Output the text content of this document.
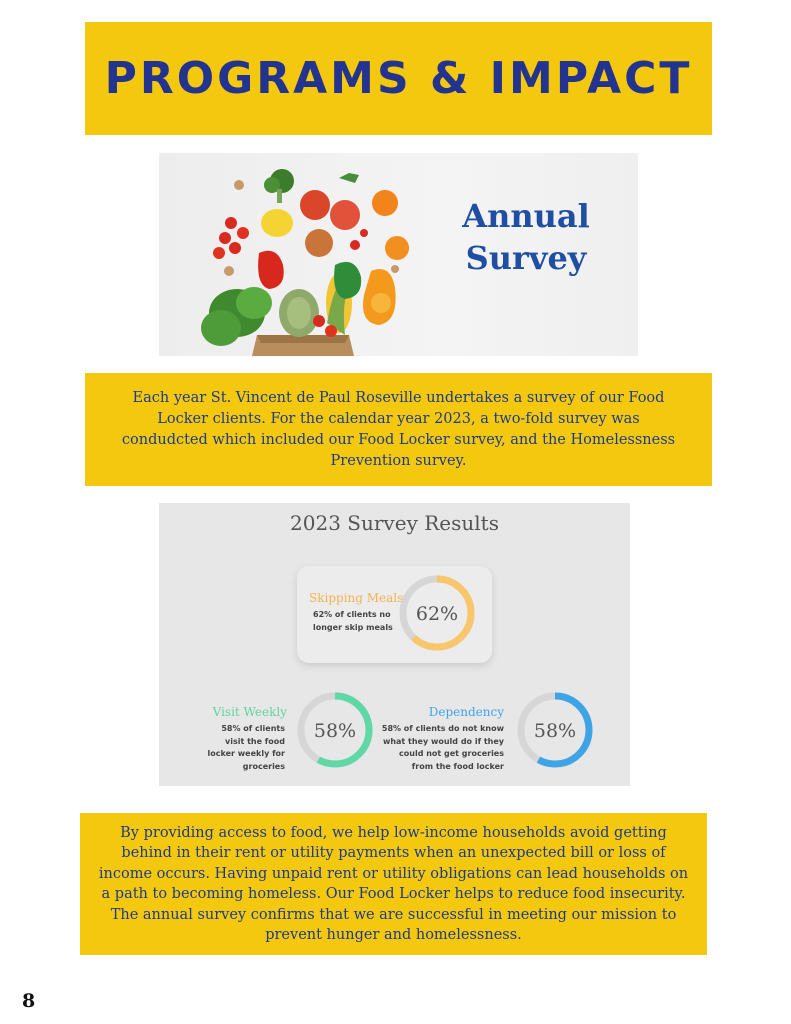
PROGRAMS & IMPACT
Annual
Survey

Each year St. Vincent de Paul Roseville undertakes a survey of our Food Locker clients. For the calendar year 2023, a two-fold survey was condudcted which included our Food Locker survey, and the Homelessness Prevention survey.

2023 Survey Results
Skipping Meals
62% of clients no
longer skip meals
62%
Visit Weekly
58% of clients
visit the food
locker weekly for
groceries
58%
Dependency
58% of clients do not know
what they would do if they
could not get groceries
from the food locker
58%

By providing access to food, we help low-income households avoid getting behind in their rent or utility payments when an unexpected bill or loss of income occurs. Having unpaid rent or utility obligations can lead households on a path to becoming homeless. Our Food Locker helps to reduce food insecurity. The annual survey confirms that we are successful in meeting our mission to prevent hunger and homelessness.

8
